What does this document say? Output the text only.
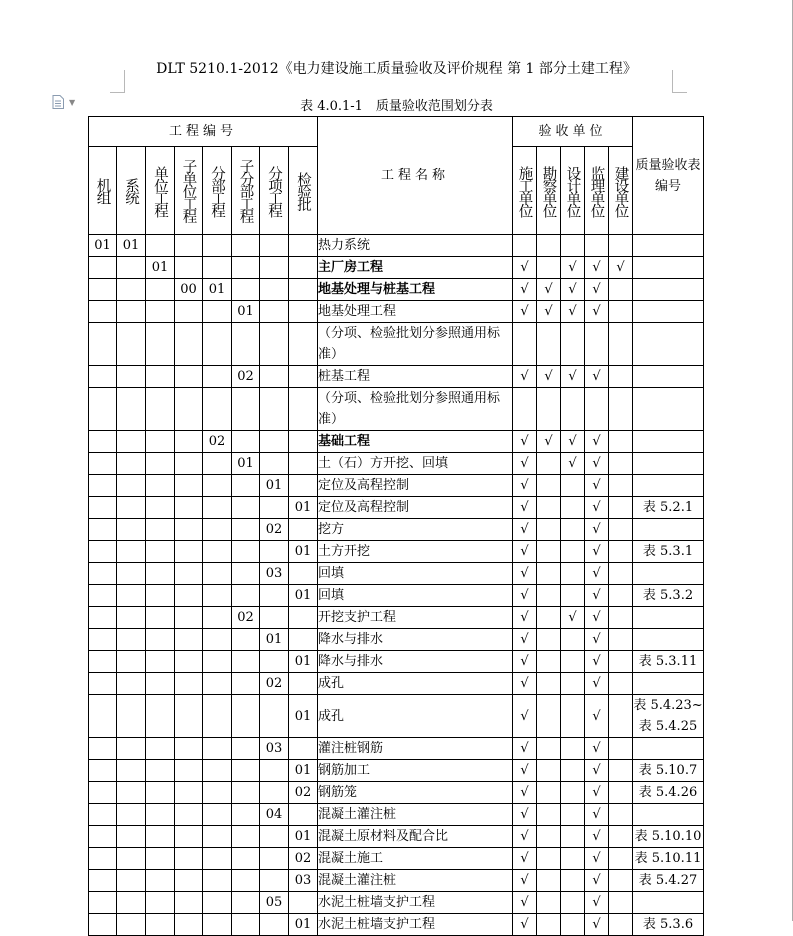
DLT 5210.1-2012《电力建设施工质量验收及评价规程 第 1 部分土建工程》
▼	表 4.0.1-1　质量验收范围划分表
工程编号								工程名称	验收单位					质量验收表编号

机组	系统	单位工程	子单位工程	分部工程	子分部工程	分项工程	检验批		施工单位	勘察单位	设计单位	监理单位	建设单位	

01	01							热力系统						
		01						主厂房工程	√		√	√	√	
			00	01				地基处理与桩基工程	√	√	√	√		
					01			地基处理工程	√	√	√	√		
								（分项、检验批划分参照通用标准）						
					02			桩基工程	√	√	√	√		
								（分项、检验批划分参照通用标准）						
				02				基础工程	√	√	√	√		
					01			土（石）方开挖、回填	√		√	√		
						01		定位及高程控制	√			√		
							01	定位及高程控制	√			√		表 5.2.1
						02		挖方	√			√		
							01	土方开挖	√			√		表 5.3.1
						03		回填	√			√		
							01	回填	√			√		表 5.3.2
					02			开挖支护工程	√		√	√		
						01		降水与排水	√			√		
							01	降水与排水	√			√		表 5.3.11
						02		成孔	√			√		
							01	成孔	√			√		表 5.4.23~
表 5.4.25
						03		灌注桩钢筋	√			√		
							01	钢筋加工	√			√		表 5.10.7
							02	钢筋笼	√			√		表 5.4.26
						04		混凝土灌注桩	√			√		
							01	混凝土原材料及配合比	√			√		表 5.10.10
							02	混凝土施工	√			√		表 5.10.11
							03	混凝土灌注桩	√			√		表 5.4.27
						05		水泥土桩墙支护工程	√			√		
							01	水泥土桩墙支护工程	√			√		表 5.3.6
